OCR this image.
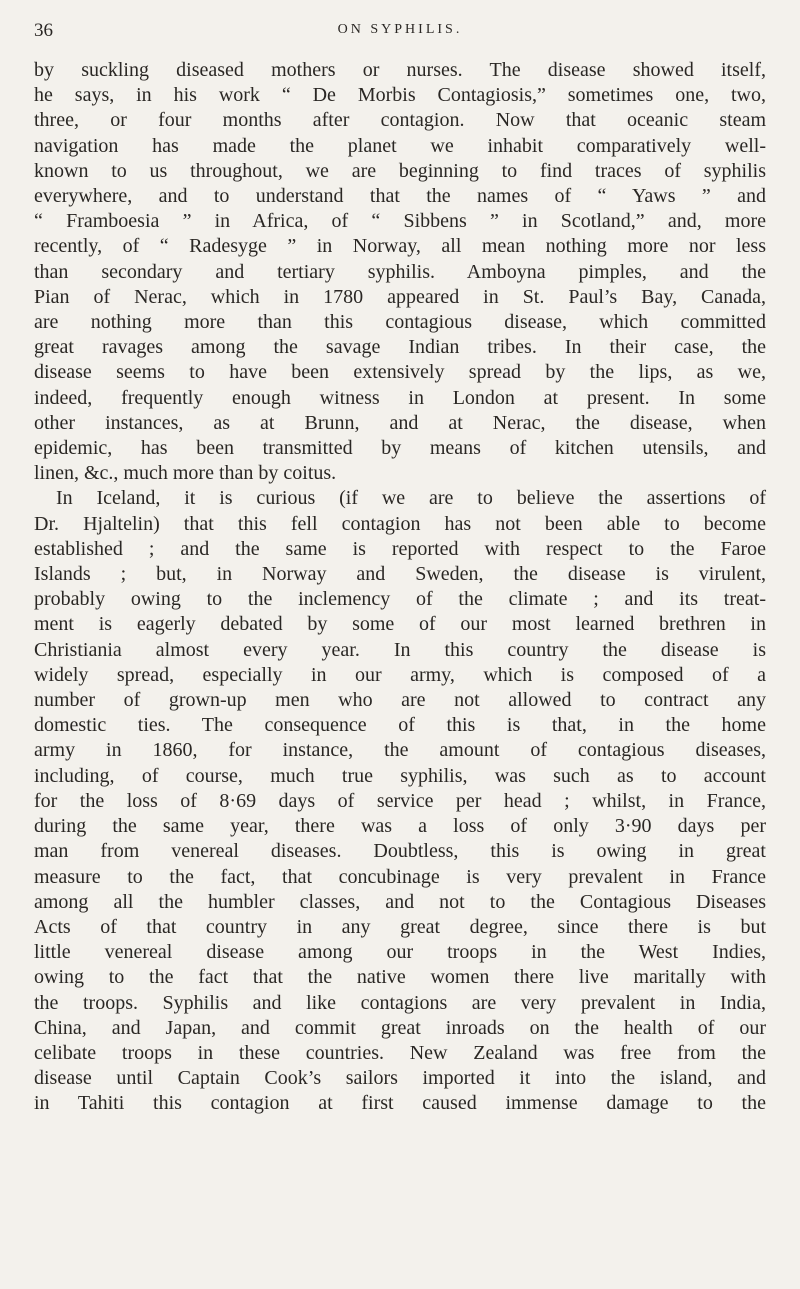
36	ON SYPHILIS.
by suckling diseased mothers or nurses. The disease showed itself,
he says, in his work “ De Morbis Contagiosis,” sometimes one, two,
three, or four months after contagion. Now that oceanic steam
navigation has made the planet we inhabit comparatively well-
known to us throughout, we are beginning to find traces of syphilis
everywhere, and to understand that the names of “ Yaws ” and
“ Framboesia ” in Africa, of “ Sibbens ” in Scotland,” and, more
recently, of “ Radesyge ” in Norway, all mean nothing more nor less
than secondary and tertiary syphilis. Amboyna pimples, and the
Pian of Nerac, which in 1780 appeared in St. Paul’s Bay, Canada,
are nothing more than this contagious disease, which committed
great ravages among the savage Indian tribes. In their case, the
disease seems to have been extensively spread by the lips, as we,
indeed, frequently enough witness in London at present. In some
other instances, as at Brunn, and at Nerac, the disease, when
epidemic, has been transmitted by means of kitchen utensils, and
linen, &c., much more than by coitus.
In Iceland, it is curious (if we are to believe the assertions of
Dr. Hjaltelin) that this fell contagion has not been able to become
established ; and the same is reported with respect to the Faroe
Islands ; but, in Norway and Sweden, the disease is virulent,
probably owing to the inclemency of the climate ; and its treat-
ment is eagerly debated by some of our most learned brethren in
Christiania almost every year. In this country the disease is
widely spread, especially in our army, which is composed of a
number of grown-up men who are not allowed to contract any
domestic ties. The consequence of this is that, in the home
army in 1860, for instance, the amount of contagious diseases,
including, of course, much true syphilis, was such as to account
for the loss of 8·69 days of service per head ; whilst, in France,
during the same year, there was a loss of only 3·90 days per
man from venereal diseases. Doubtless, this is owing in great
measure to the fact, that concubinage is very prevalent in France
among all the humbler classes, and not to the Contagious Diseases
Acts of that country in any great degree, since there is but
little venereal disease among our troops in the West Indies,
owing to the fact that the native women there live maritally with
the troops. Syphilis and like contagions are very prevalent in India,
China, and Japan, and commit great inroads on the health of our
celibate troops in these countries. New Zealand was free from the
disease until Captain Cook’s sailors imported it into the island, and
in Tahiti this contagion at first caused immense damage to the
